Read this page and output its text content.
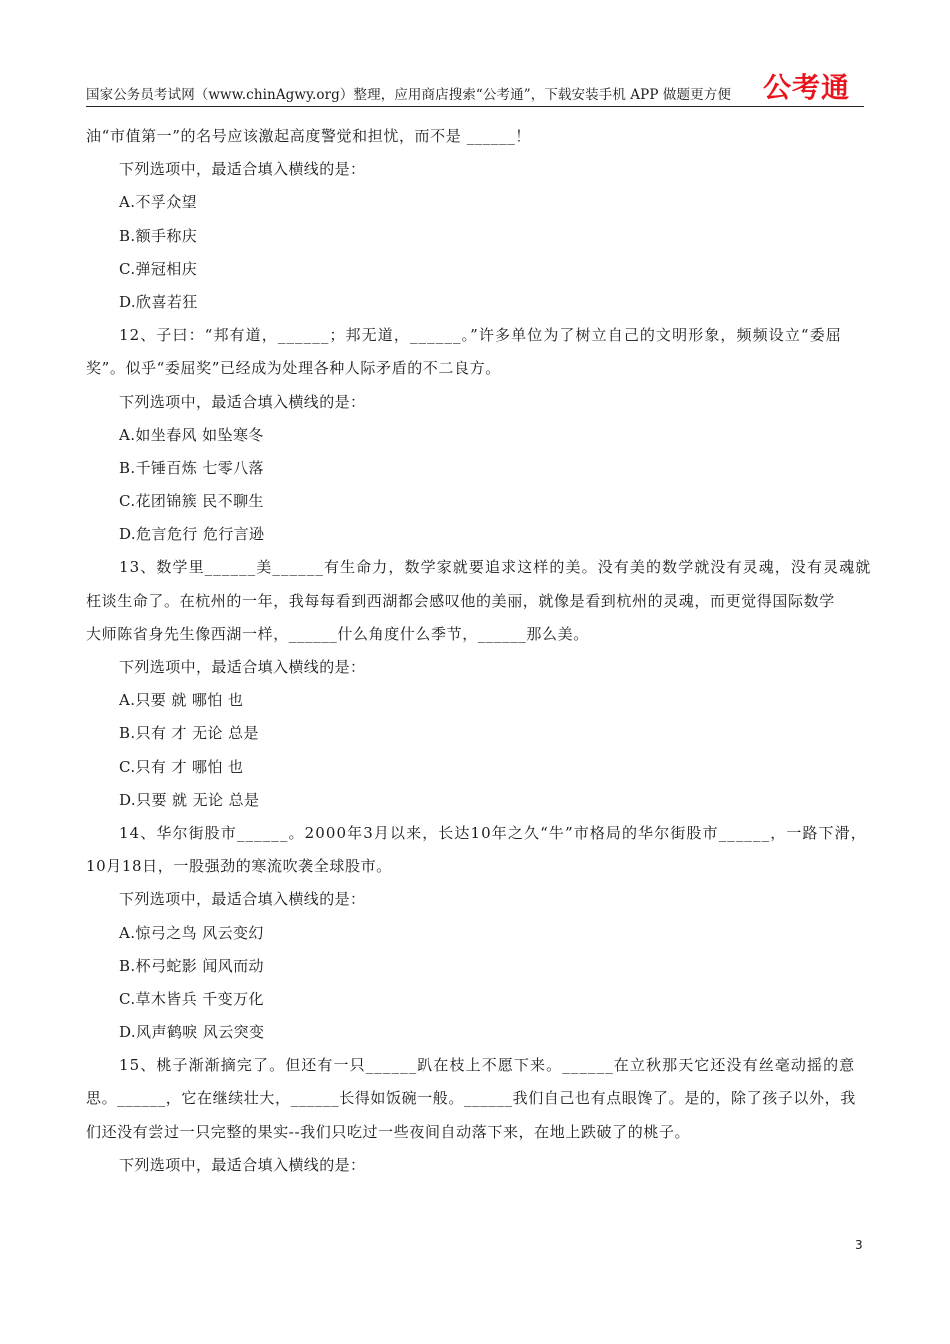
国家公务员考试网（www.chinAgwy.org）整理，应用商店搜索“公考通”，下载安装手机 APP 做题更方便 公考通
油“市值第一”的名号应该激起高度警觉和担忧，而不是 ______！
下列选项中，最适合填入横线的是：
A.不孚众望
B.额手称庆
C.弹冠相庆
D.欣喜若狂
12、子曰：“邦有道，______；邦无道，______。”许多单位为了树立自己的文明形象，频频设立“委屈
奖”。似乎“委屈奖”已经成为处理各种人际矛盾的不二良方。
下列选项中，最适合填入横线的是：
A.如坐春风 如坠寒冬
B.千锤百炼 七零八落
C.花团锦簇 民不聊生
D.危言危行 危行言逊
13、数学里______美______有生命力，数学家就要追求这样的美。没有美的数学就没有灵魂，没有灵魂就
枉谈生命了。在杭州的一年，我每每看到西湖都会感叹他的美丽，就像是看到杭州的灵魂，而更觉得国际数学
大师陈省身先生像西湖一样，______什么角度什么季节，______那么美。
下列选项中，最适合填入横线的是：
A.只要 就 哪怕 也
B.只有 才 无论 总是
C.只有 才 哪怕 也
D.只要 就 无论 总是
14、华尔街股市______。2000年3月以来，长达10年之久“牛”市格局的华尔街股市______，一路下滑，
10月18日，一股强劲的寒流吹袭全球股市。
下列选项中，最适合填入横线的是：
A.惊弓之鸟 风云变幻
B.杯弓蛇影 闻风而动
C.草木皆兵 千变万化
D.风声鹤唳 风云突变
15、桃子渐渐摘完了。但还有一只______趴在枝上不愿下来。______在立秋那天它还没有丝毫动摇的意
思。______，它在继续壮大，______长得如饭碗一般。______我们自己也有点眼馋了。是的，除了孩子以外，我
们还没有尝过一只完整的果实--我们只吃过一些夜间自动落下来，在地上跌破了的桃子。
下列选项中，最适合填入横线的是：
3
